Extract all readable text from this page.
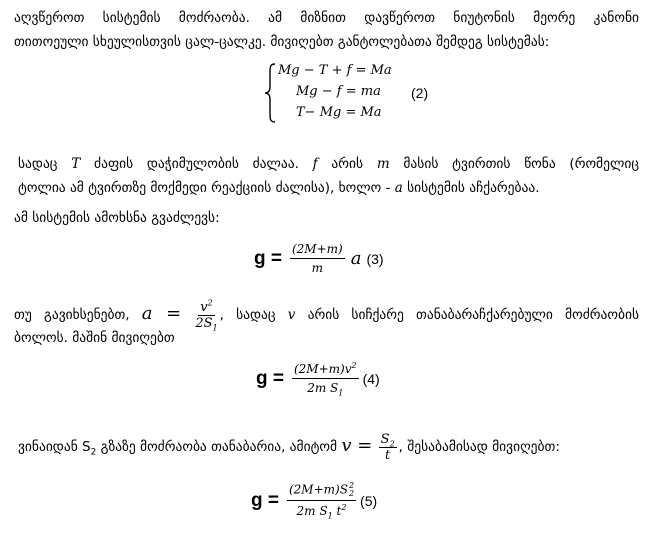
აღვწეროთ სისტემის მოძრაობა. ამ მიზნით დავწეროთ ნიუტონის მეორე კანონი
თითოეული სხეულისთვის ცალ-ცალკე. მივიღებთ განტოლებათა შემდეგ სისტემას:
Mg − T + f = Ma
Mg − f = ma
T− Mg = Ma
(2)
სადაც T ძაფის დაჭიმულობის ძალაა. f არის m მასის ტვირთის წონა (რომელიც
ტოლია ამ ტვირთზე მოქმედი რეაქციის ძალისა), ხოლო - a სისტემის აჩქარებაა.
ამ სისტემის ამოხსნა გვაძლევს:
$g = \frac{(2M+m)}{m}$ a (3)
თუ გავიხსენებთ, $a = \frac{v^2}{2S_1}$ , სადაც v არის სიჩქარე თანაბარაჩქარებული მოძრაობის
ბოლოს. მაშინ მივიღებთ
$g = \frac{(2M+m)v^2}{2m S_1} (4)$
ვინაიდან $S_2$ გზაზე მოძრაობა თანაბარია, ამიტომ $v = \frac{S_2}{t}$ , შესაბამისად მივიღებთ:
g = (2M+m)S 2
2
2m $S_1$ $t^2$ (5)
